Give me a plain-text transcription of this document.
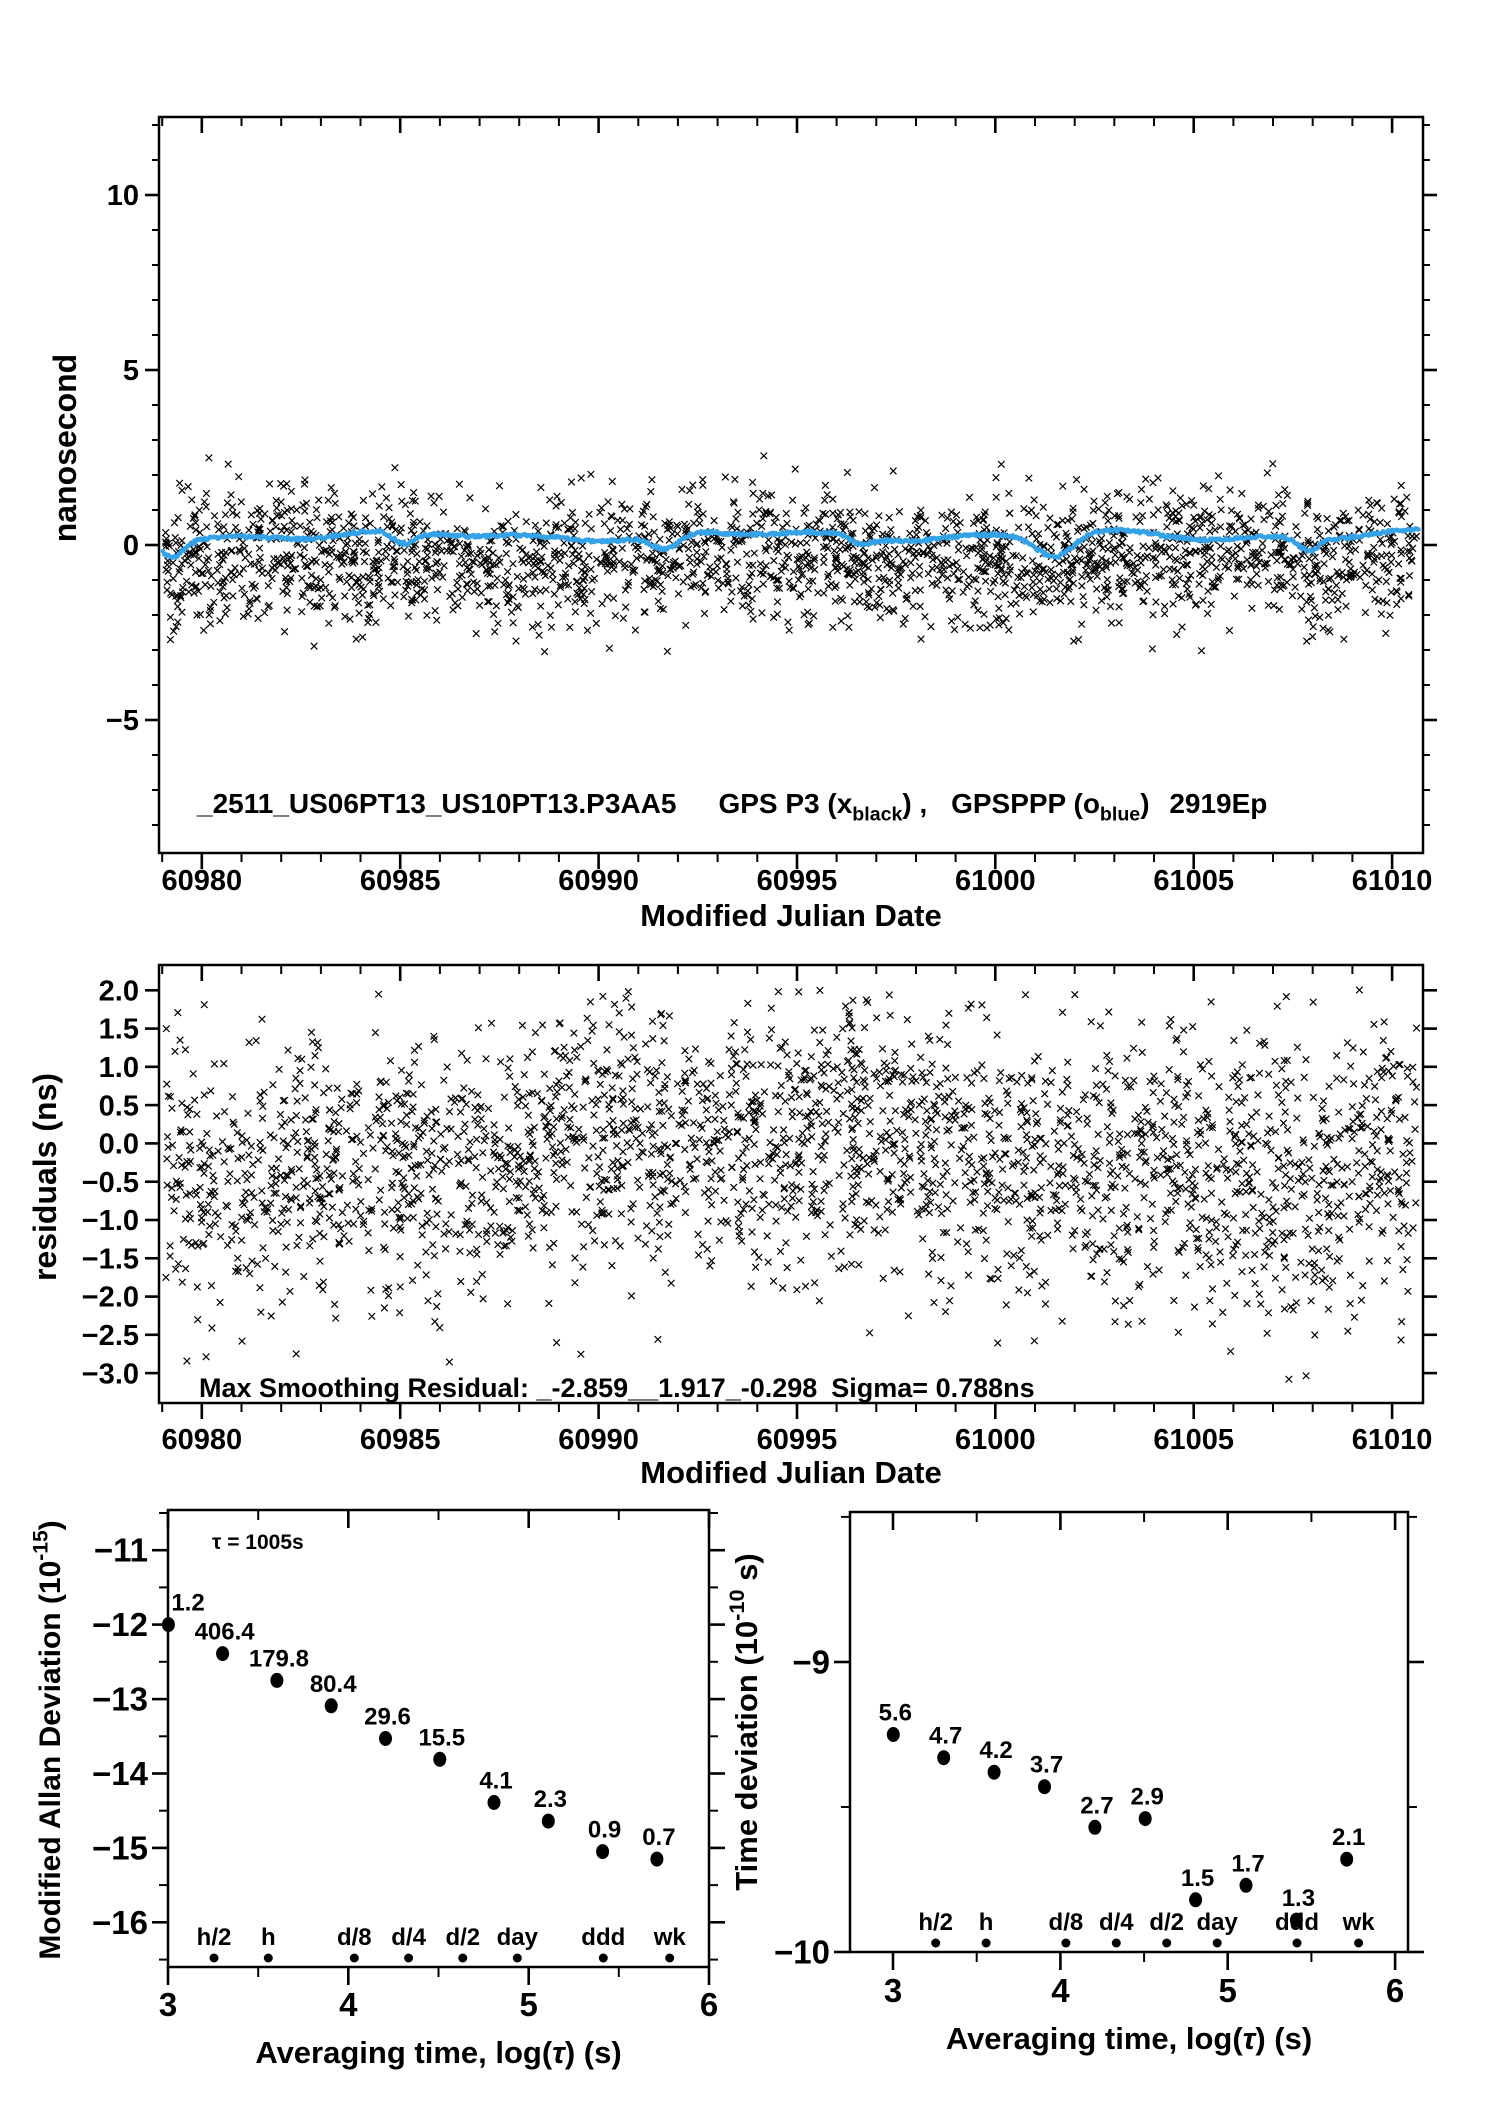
60980	60985	60990	60995	61000	61005	61010
10
5
0
−5
Modified Julian Date
nanosecond
_2511_US06PT13_US10PT13.P3AA5 GPS P3 $(x_{black})$ , GPSPPP $(o_{blue})$ 2919Ep
60980	60985	60990	60995	61000	61005	61010
2.0
1.5
1.0
0.5
0.0
−0.5
−1.0
−1.5
−2.0
−2.5
−3.0
Modified Julian Date
residuals (ns)
Max Smoothing Residual: _-2.859__1.917_-0.298 Sigma= 0.788ns
3	4	5	6
−11
−12
−13
−14
−15
−16
Averaging time, log(τ) (s)
Modified Allan Deviation $(10^{-15})$
τ = 1005s
1.2
406.4
179.8
80.4
29.6
15.5
4.1
2.3
0.9 0.7
h/2 h	d/8 d/4 d/2 day ddd wk
3	4	5	6
−9
−10
Averaging time, log(τ) (s)
Time deviation ($10^{-10}$ s)
5.6
4.7
4.2
3.7
2.7 2.9
1.5
1.7
1.3
2.1
h/2 h d/8 d/4 d/2 day ddd wk
